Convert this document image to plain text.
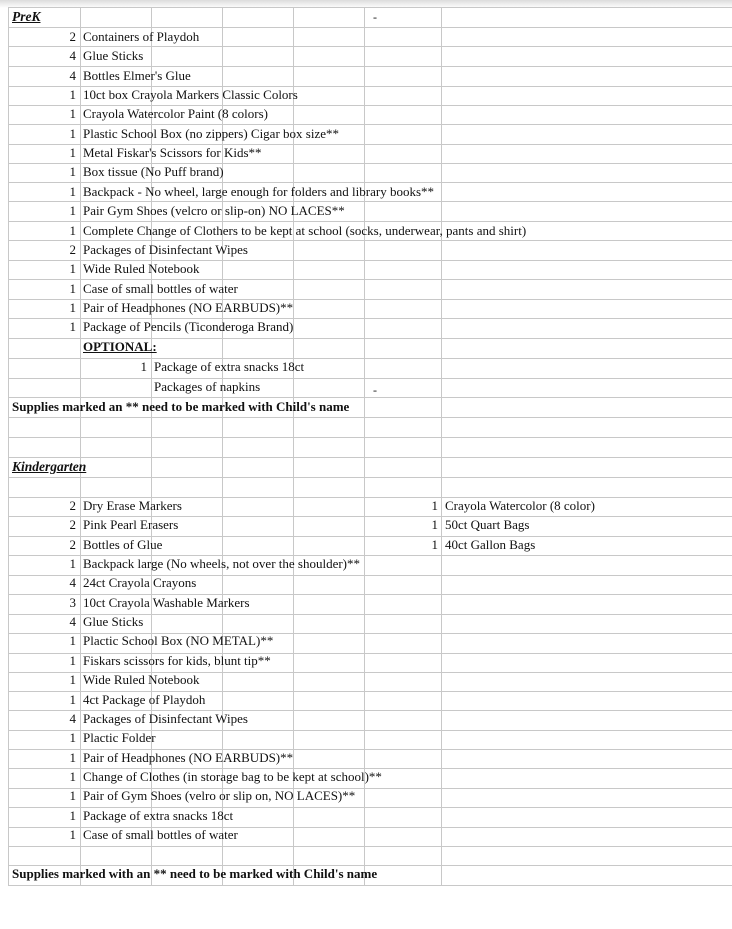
PreK	-
2 Containers of Playdoh
4 Glue Sticks
4 Bottles Elmer's Glue
1 10ct box Crayola Markers Classic Colors
1 Crayola Watercolor Paint (8 colors)
1 Plastic School Box (no zippers) Cigar box size**
1 Metal Fiskar's Scissors for Kids**
1 Box tissue (No Puff brand)
1 Backpack - No wheel, large enough for folders and library books**
1 Pair Gym Shoes (velcro or slip-on) NO LACES**
1 Complete Change of Clothers to be kept at school (socks, underwear, pants and shirt)
2 Packages of Disinfectant Wipes
1 Wide Ruled Notebook
1 Case of small bottles of water
1 Pair of Headphones (NO EARBUDS)**
1 Package of Pencils (Ticonderoga Brand)
OPTIONAL:
1 Package of extra snacks 18ct
Packages of napkins	-
Supplies marked an ** need to be marked with Child's name
Kindergarten
2 Dry Erase Markers
2 Pink Pearl Erasers
2 Bottles of Glue
1 Backpack large (No wheels, not over the shoulder)**
4 24ct Crayola Crayons
3 10ct Crayola Washable Markers
4 Glue Sticks
1 Plactic School Box (NO METAL)**
1 Fiskars scissors for kids, blunt tip**
1 Wide Ruled Notebook
1 4ct Package of Playdoh
4 Packages of Disinfectant Wipes
1 Plactic Folder
1 Pair of Headphones (NO EARBUDS)**
1 Change of Clothes (in storage bag to be kept at school)**
1 Pair of Gym Shoes (velro or slip on, NO LACES)**
1 Package of extra snacks 18ct
1 Case of small bottles of water
1 Crayola Watercolor (8 color)
1 50ct Quart Bags
1 40ct Gallon Bags
Supplies marked with an ** need to be marked with Child's name
